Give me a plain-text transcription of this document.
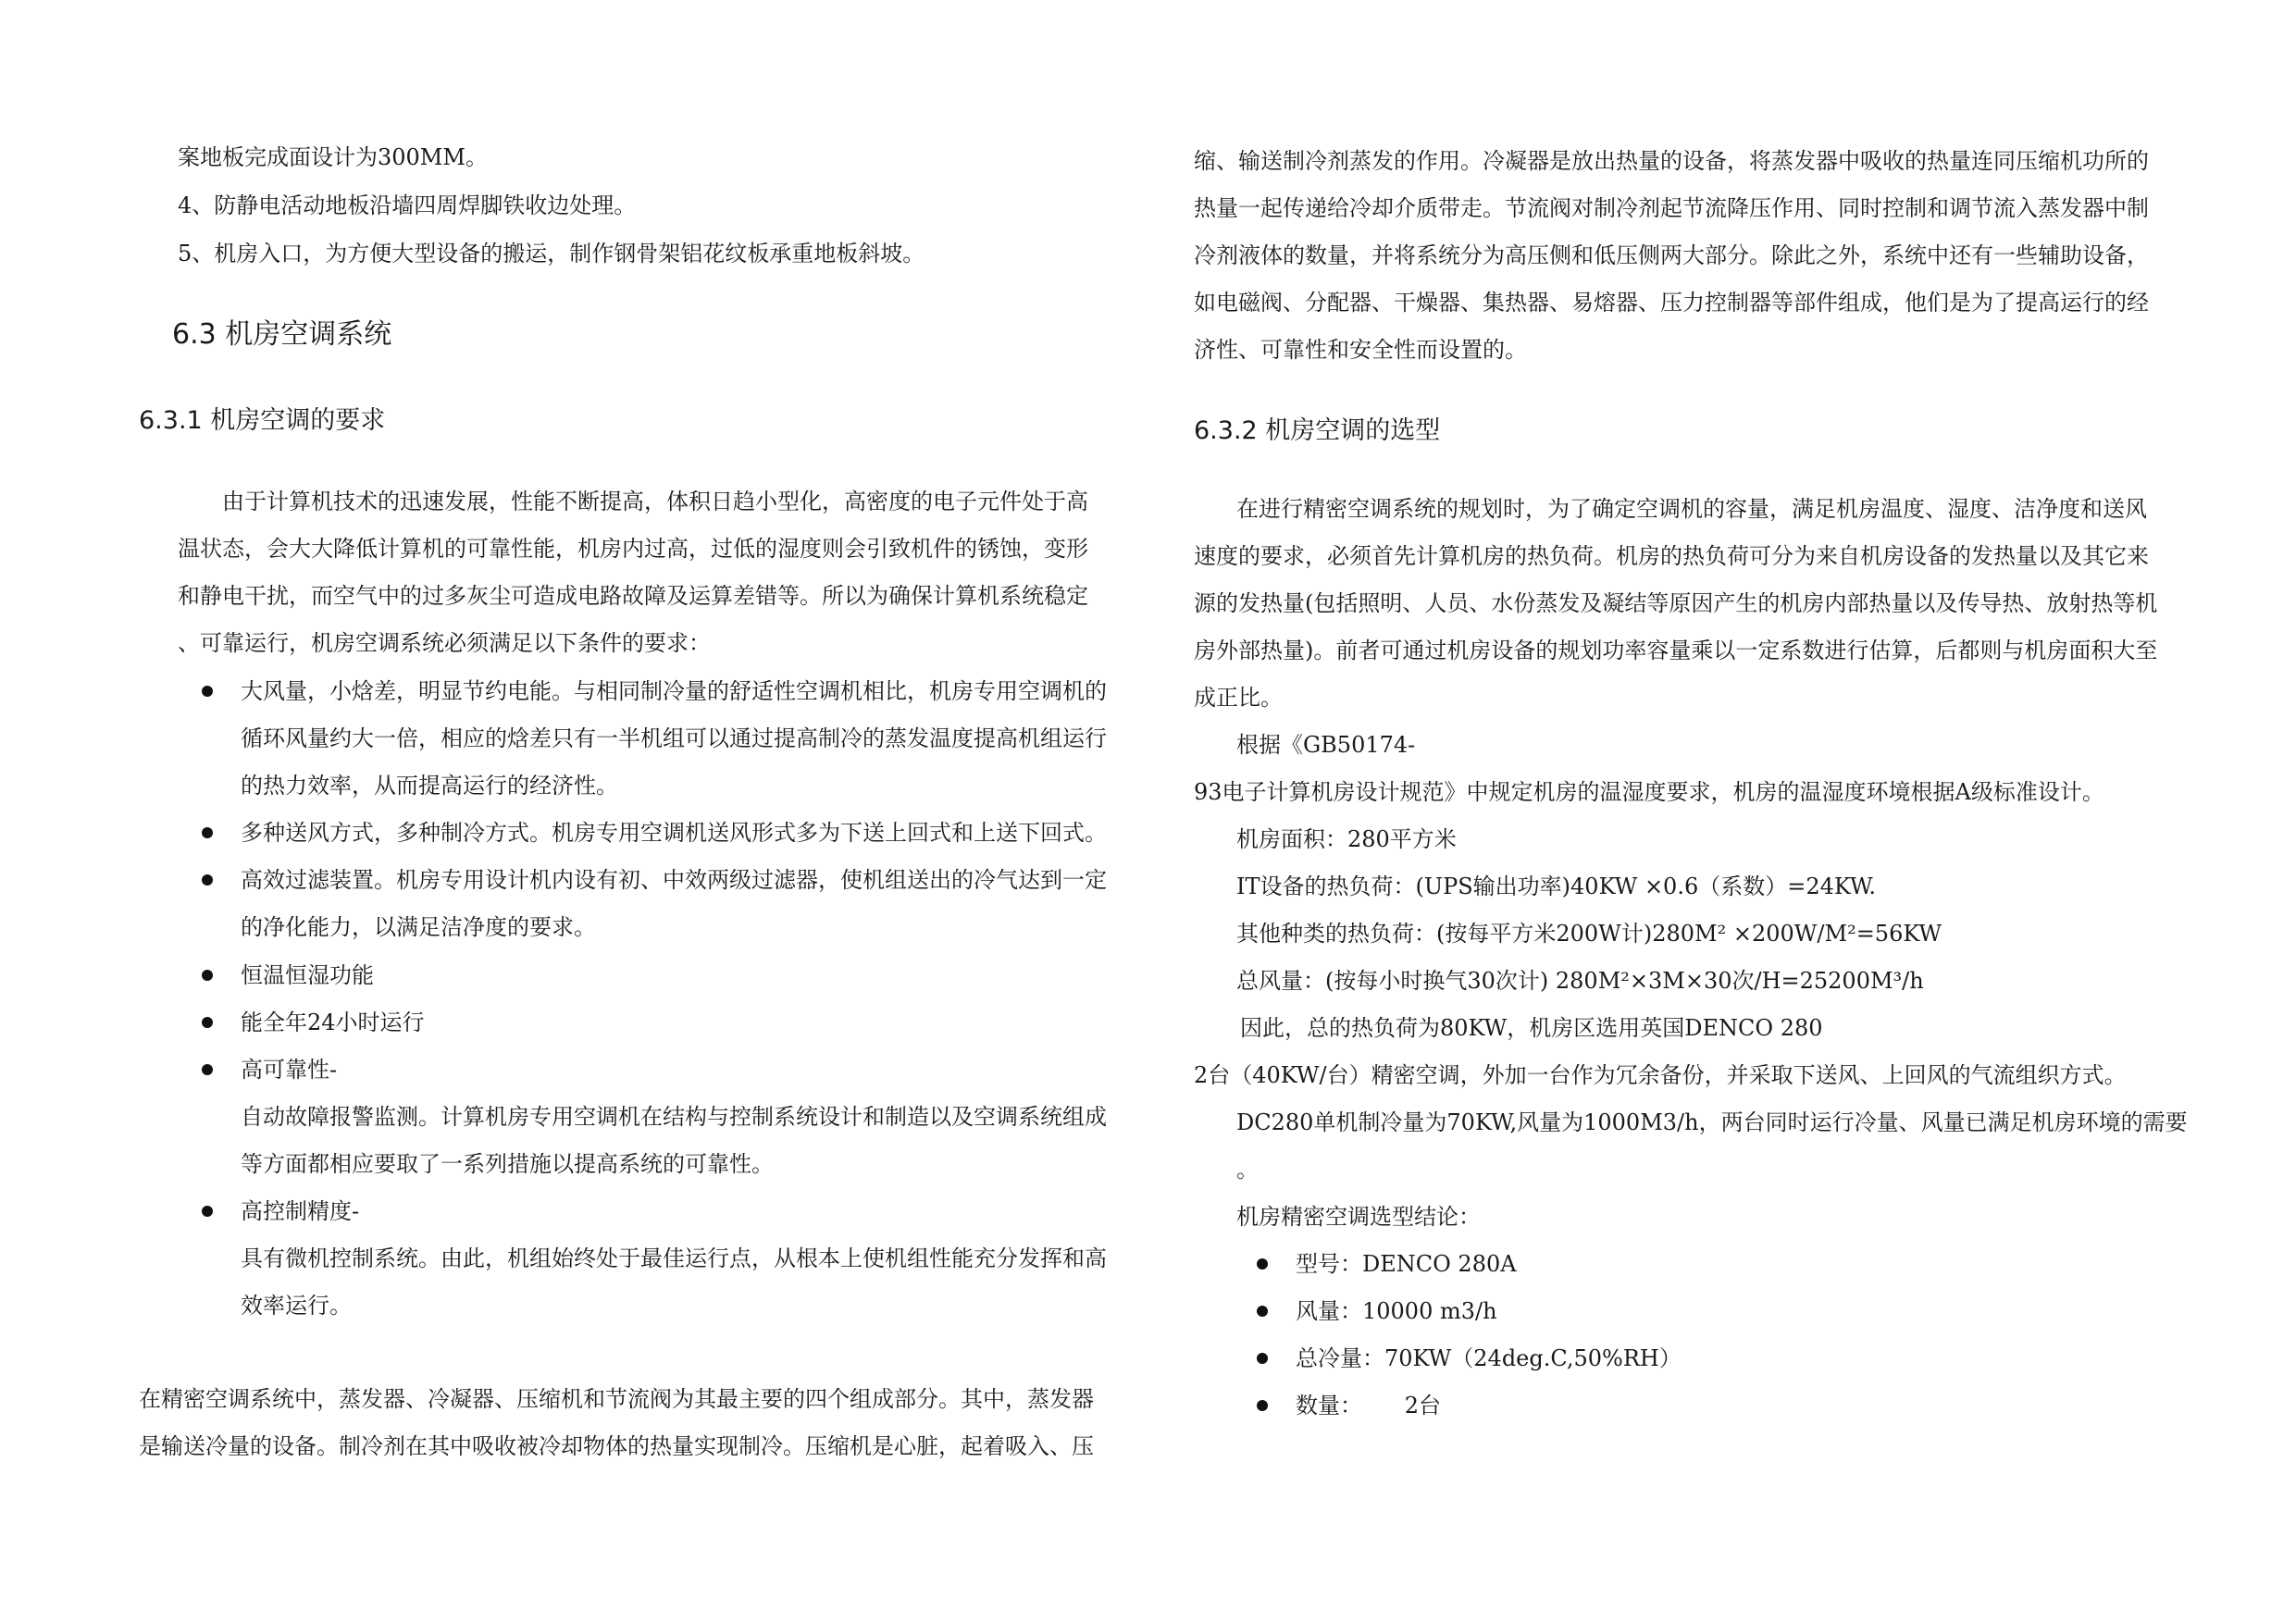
案地板完成面设计为300MM。
4、防静电活动地板沿墙四周焊脚铁收边处理。
5、机房入口，为方便大型设备的搬运，制作钢骨架铝花纹板承重地板斜坡。
6.3 机房空调系统
6.3.1 机房空调的要求
由于计算机技术的迅速发展，性能不断提高，体积日趋小型化，高密度的电子元件处于高
温状态，会大大降低计算机的可靠性能，机房内过高，过低的湿度则会引致机件的锈蚀，变形
和静电干扰，而空气中的过多灰尘可造成电路故障及运算差错等。所以为确保计算机系统稳定
、可靠运行，机房空调系统必须满足以下条件的要求：
大风量，小焓差，明显节约电能。与相同制冷量的舒适性空调机相比，机房专用空调机的
循环风量约大一倍，相应的焓差只有一半机组可以通过提高制冷的蒸发温度提高机组运行
的热力效率，从而提高运行的经济性。
多种送风方式，多种制冷方式。机房专用空调机送风形式多为下送上回式和上送下回式。
高效过滤装置。机房专用设计机内设有初、中效两级过滤器，使机组送出的冷气达到一定
的净化能力，以满足洁净度的要求。
恒温恒湿功能
能全年24小时运行
高可靠性-
自动故障报警监测。计算机房专用空调机在结构与控制系统设计和制造以及空调系统组成
等方面都相应要取了一系列措施以提高系统的可靠性。
高控制精度-
具有微机控制系统。由此，机组始终处于最佳运行点，从根本上使机组性能充分发挥和高
效率运行。
在精密空调系统中，蒸发器、冷凝器、压缩机和节流阀为其最主要的四个组成部分。其中，蒸发器
是输送冷量的设备。制冷剂在其中吸收被冷却物体的热量实现制冷。压缩机是心脏，起着吸入、压
缩、输送制冷剂蒸发的作用。冷凝器是放出热量的设备，将蒸发器中吸收的热量连同压缩机功所的
热量一起传递给冷却介质带走。节流阀对制冷剂起节流降压作用、同时控制和调节流入蒸发器中制
冷剂液体的数量，并将系统分为高压侧和低压侧两大部分。除此之外，系统中还有一些辅助设备，
如电磁阀、分配器、干燥器、集热器、易熔器、压力控制器等部件组成，他们是为了提高运行的经
济性、可靠性和安全性而设置的。
6.3.2 机房空调的选型
在进行精密空调系统的规划时，为了确定空调机的容量，满足机房温度、湿度、洁净度和送风
速度的要求，必须首先计算机房的热负荷。机房的热负荷可分为来自机房设备的发热量以及其它来
源的发热量(包括照明、人员、水份蒸发及凝结等原因产生的机房内部热量以及传导热、放射热等机
房外部热量)。前者可通过机房设备的规划功率容量乘以一定系数进行估算，后都则与机房面积大至
成正比。
根据《GB50174-
93电子计算机房设计规范》中规定机房的温湿度要求，机房的温湿度环境根据A级标准设计。
机房面积：280平方米
IT设备的热负荷：(UPS输出功率)40KW ×0.6（系数）=24KW.
其他种类的热负荷：(按每平方米200W计)280M² ×200W/M²=56KW
总风量：(按每小时换气30次计) 280M²×3M×30次/H=25200M³/h
因此，总的热负荷为80KW，机房区选用英国DENCO 280
2台（40KW/台）精密空调，外加一台作为冗余备份，并采取下送风、上回风的气流组织方式。
DC280单机制冷量为70KW,风量为1000M3/h，两台同时运行冷量、风量已满足机房环境的需要
。
机房精密空调选型结论：
型号：DENCO 280A
风量：10000 m3/h
总冷量：70KW（24deg.C,50%RH）
数量：      2台
